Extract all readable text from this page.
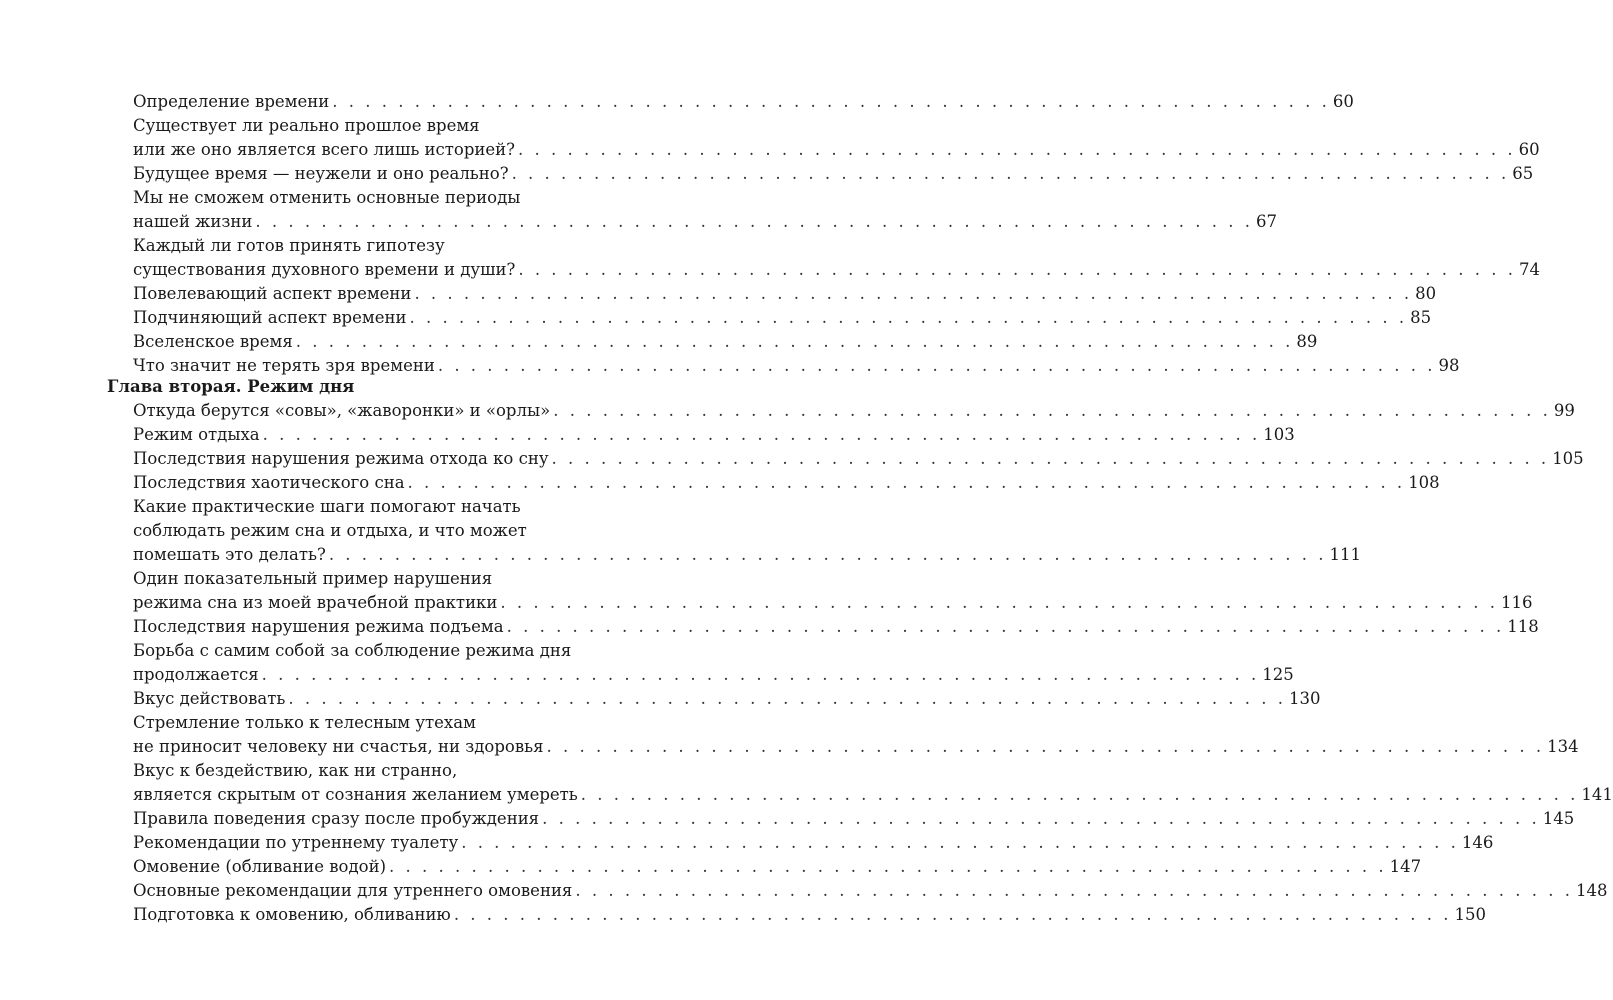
Определение времени . . . . . . . . . . . . . . . . . . . . . . . . . . . . . . . . . . . . . . . . . . . . . . . . . . . . . . . . . . . . . 60
Существует ли реально прошлое время
или же оно является всего лишь историей? . . . . . . . . . . . . . . . . . . . . . . . . . . . . . . . . . . . . . . . . . . . . . . . . . . . . . . . . . . . . . 60
Будущее время — неужели и оно реально? . . . . . . . . . . . . . . . . . . . . . . . . . . . . . . . . . . . . . . . . . . . . . . . . . . . . . . . . . . . . . 65
Мы не сможем отменить основные периоды
нашей жизни . . . . . . . . . . . . . . . . . . . . . . . . . . . . . . . . . . . . . . . . . . . . . . . . . . . . . . . . . . . . . 67
Каждый ли готов принять гипотезу
существования духовного времени и души? . . . . . . . . . . . . . . . . . . . . . . . . . . . . . . . . . . . . . . . . . . . . . . . . . . . . . . . . . . . . . 74
Повелевающий аспект времени . . . . . . . . . . . . . . . . . . . . . . . . . . . . . . . . . . . . . . . . . . . . . . . . . . . . . . . . . . . . . 80
Подчиняющий аспект времени . . . . . . . . . . . . . . . . . . . . . . . . . . . . . . . . . . . . . . . . . . . . . . . . . . . . . . . . . . . . . 85
Вселенское время . . . . . . . . . . . . . . . . . . . . . . . . . . . . . . . . . . . . . . . . . . . . . . . . . . . . . . . . . . . . . 89
Что значит не терять зря времени . . . . . . . . . . . . . . . . . . . . . . . . . . . . . . . . . . . . . . . . . . . . . . . . . . . . . . . . . . . . . 98
Глава вторая. Режим дня
Откуда берутся «совы», «жаворонки» и «орлы» . . . . . . . . . . . . . . . . . . . . . . . . . . . . . . . . . . . . . . . . . . . . . . . . . . . . . . . . . . . . . 99
Режим отдыха . . . . . . . . . . . . . . . . . . . . . . . . . . . . . . . . . . . . . . . . . . . . . . . . . . . . . . . . . . . . . 103
Последствия нарушения режима отхода ко сну . . . . . . . . . . . . . . . . . . . . . . . . . . . . . . . . . . . . . . . . . . . . . . . . . . . . . . . . . . . . . 105
Последствия хаотического сна . . . . . . . . . . . . . . . . . . . . . . . . . . . . . . . . . . . . . . . . . . . . . . . . . . . . . . . . . . . . . 108
Какие практические шаги помогают начать
соблюдать режим сна и отдыха, и что может
помешать это делать? . . . . . . . . . . . . . . . . . . . . . . . . . . . . . . . . . . . . . . . . . . . . . . . . . . . . . . . . . . . . . 111
Один показательный пример нарушения
режима сна из моей врачебной практики . . . . . . . . . . . . . . . . . . . . . . . . . . . . . . . . . . . . . . . . . . . . . . . . . . . . . . . . . . . . . 116
Последствия нарушения режима подъема . . . . . . . . . . . . . . . . . . . . . . . . . . . . . . . . . . . . . . . . . . . . . . . . . . . . . . . . . . . . . 118
Борьба с самим собой за соблюдение режима дня
продолжается . . . . . . . . . . . . . . . . . . . . . . . . . . . . . . . . . . . . . . . . . . . . . . . . . . . . . . . . . . . . . 125
Вкус действовать . . . . . . . . . . . . . . . . . . . . . . . . . . . . . . . . . . . . . . . . . . . . . . . . . . . . . . . . . . . . . 130
Стремление только к телесным утехам
не приносит человеку ни счастья, ни здоровья . . . . . . . . . . . . . . . . . . . . . . . . . . . . . . . . . . . . . . . . . . . . . . . . . . . . . . . . . . . . . 134
Вкус к бездействию, как ни странно,
является скрытым от сознания желанием умереть . . . . . . . . . . . . . . . . . . . . . . . . . . . . . . . . . . . . . . . . . . . . . . . . . . . . . . . . . . . . . 141
Правила поведения сразу после пробуждения . . . . . . . . . . . . . . . . . . . . . . . . . . . . . . . . . . . . . . . . . . . . . . . . . . . . . . . . . . . . . 145
Рекомендации по утреннему туалету . . . . . . . . . . . . . . . . . . . . . . . . . . . . . . . . . . . . . . . . . . . . . . . . . . . . . . . . . . . . . 146
Омовение (обливание водой) . . . . . . . . . . . . . . . . . . . . . . . . . . . . . . . . . . . . . . . . . . . . . . . . . . . . . . . . . . . . . 147
Основные рекомендации для утреннего омовения . . . . . . . . . . . . . . . . . . . . . . . . . . . . . . . . . . . . . . . . . . . . . . . . . . . . . . . . . . . . . 148
Подготовка к омовению, обливанию . . . . . . . . . . . . . . . . . . . . . . . . . . . . . . . . . . . . . . . . . . . . . . . . . . . . . . . . . . . . . 150
